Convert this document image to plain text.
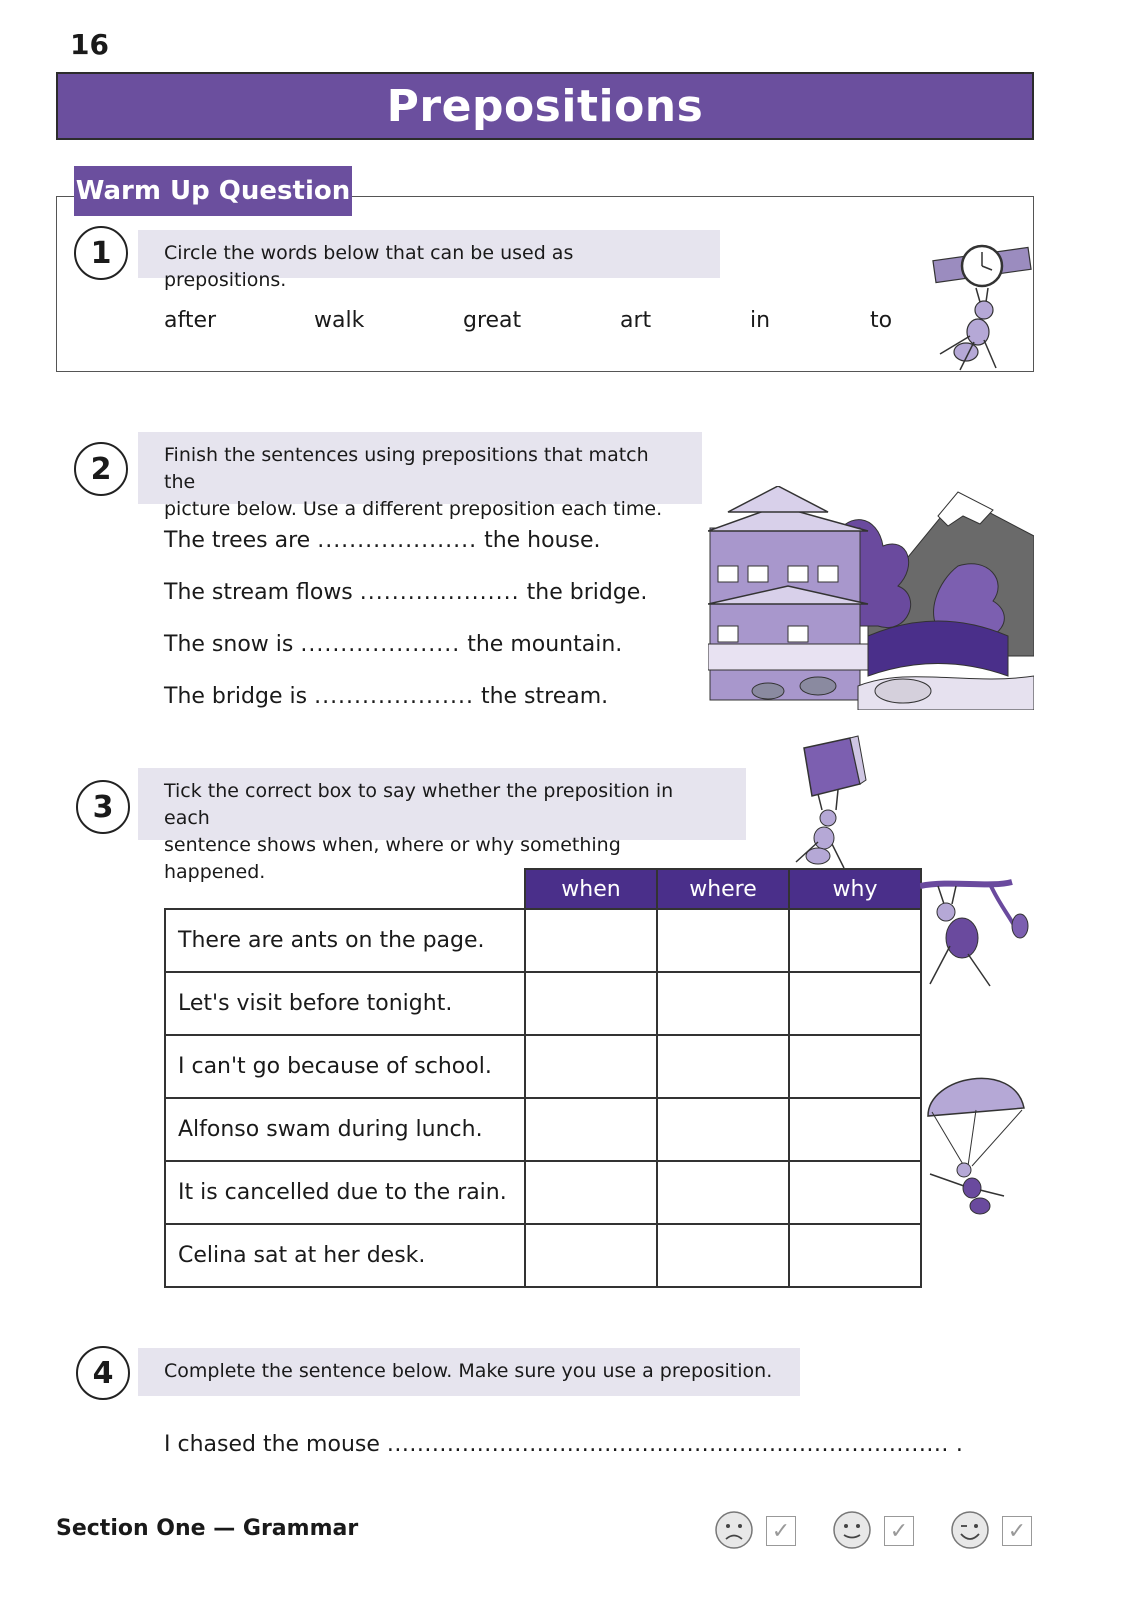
16
Prepositions
Warm Up Question
1	Circle the words below that can be used as prepositions.
after	walk	great	art	in	to
2	Finish the sentences using prepositions that match the
picture below. Use a different preposition each time.
The trees are .................... the house.
The stream flows .................... the bridge.
The snow is .................... the mountain.
The bridge is .................... the stream.
3	Tick the correct box to say whether the preposition in each
sentence shows when, where or why something happened.
	when	where	why
There are ants on the page.			
Let's visit before tonight.			
I can't go because of school.			
Alfonso swam during lunch.			
It is cancelled due to the rain.			
Celina sat at her desk.			
4	Complete the sentence below. Make sure you use a preposition.
I chased the mouse ........................................................................... .
Section One — Grammar	✓	✓	✓
